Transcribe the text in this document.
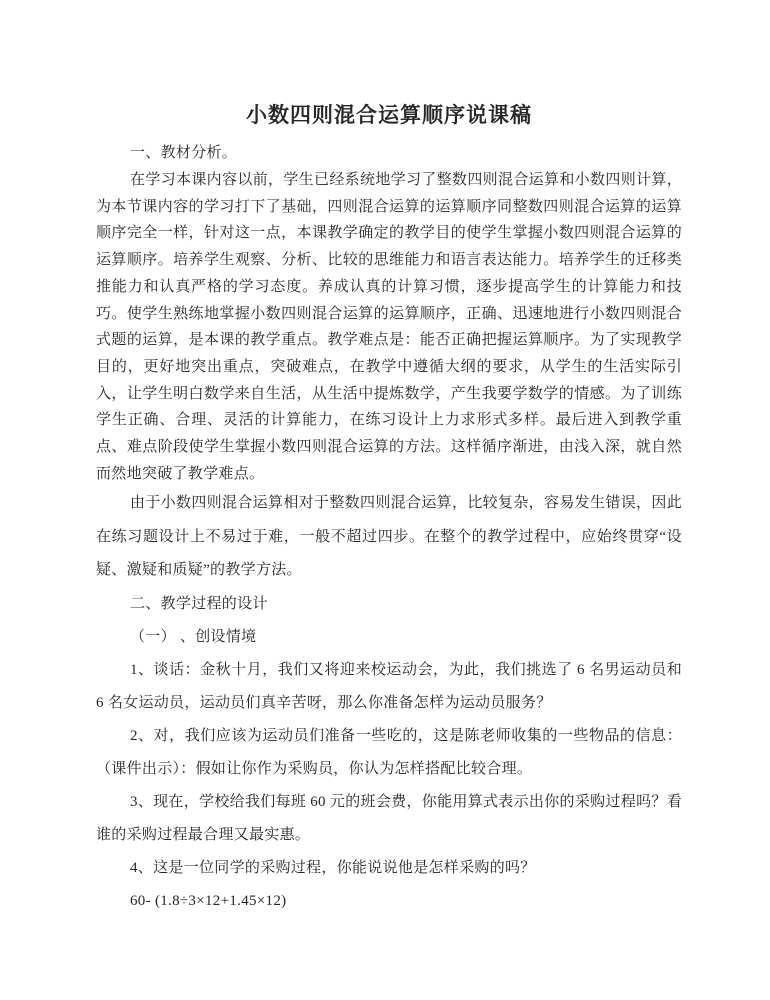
小数四则混合运算顺序说课稿

一、教材分析。

在学习本课内容以前，学生已经系统地学习了整数四则混合运算和小数四则计算，为本节课内容的学习打下了基础，四则混合运算的运算顺序同整数四则混合运算的运算顺序完全一样，针对这一点，本课教学确定的教学目的使学生掌握小数四则混合运算的运算顺序。培养学生观察、分析、比较的思维能力和语言表达能力。培养学生的迁移类推能力和认真严格的学习态度。养成认真的计算习惯，逐步提高学生的计算能力和技巧。使学生熟练地掌握小数四则混合运算的运算顺序，正确、迅速地进行小数四则混合式题的运算，是本课的教学重点。教学难点是：能否正确把握运算顺序。为了实现教学目的，更好地突出重点，突破难点，在教学中遵循大纲的要求，从学生的生活实际引入，让学生明白数学来自生活，从生活中提炼数学，产生我要学数学的情感。为了训练学生正确、合理、灵活的计算能力，在练习设计上力求形式多样。最后进入到教学重点、难点阶段使学生掌握小数四则混合运算的方法。这样循序渐进，由浅入深，就自然而然地突破了教学难点。

由于小数四则混合运算相对于整数四则混合运算，比较复杂，容易发生错误，因此在练习题设计上不易过于难，一般不超过四步。在整个的教学过程中，应始终贯穿“设疑、激疑和质疑”的教学方法。

二、教学过程的设计

（一） 、创设情境

1、谈话：金秋十月，我们又将迎来校运动会，为此，我们挑选了 6 名男运动员和 6 名女运动员，运动员们真辛苦呀，那么你准备怎样为运动员服务？

2、对，我们应该为运动员们准备一些吃的，这是陈老师收集的一些物品的信息：（课件出示）：假如让你作为采购员，你认为怎样搭配比较合理。

3、现在，学校给我们每班 60 元的班会费，你能用算式表示出你的采购过程吗？看谁的采购过程最合理又最实惠。

4、这是一位同学的采购过程，你能说说他是怎样采购的吗？

60- (1.8÷3×12+1.45×12)
